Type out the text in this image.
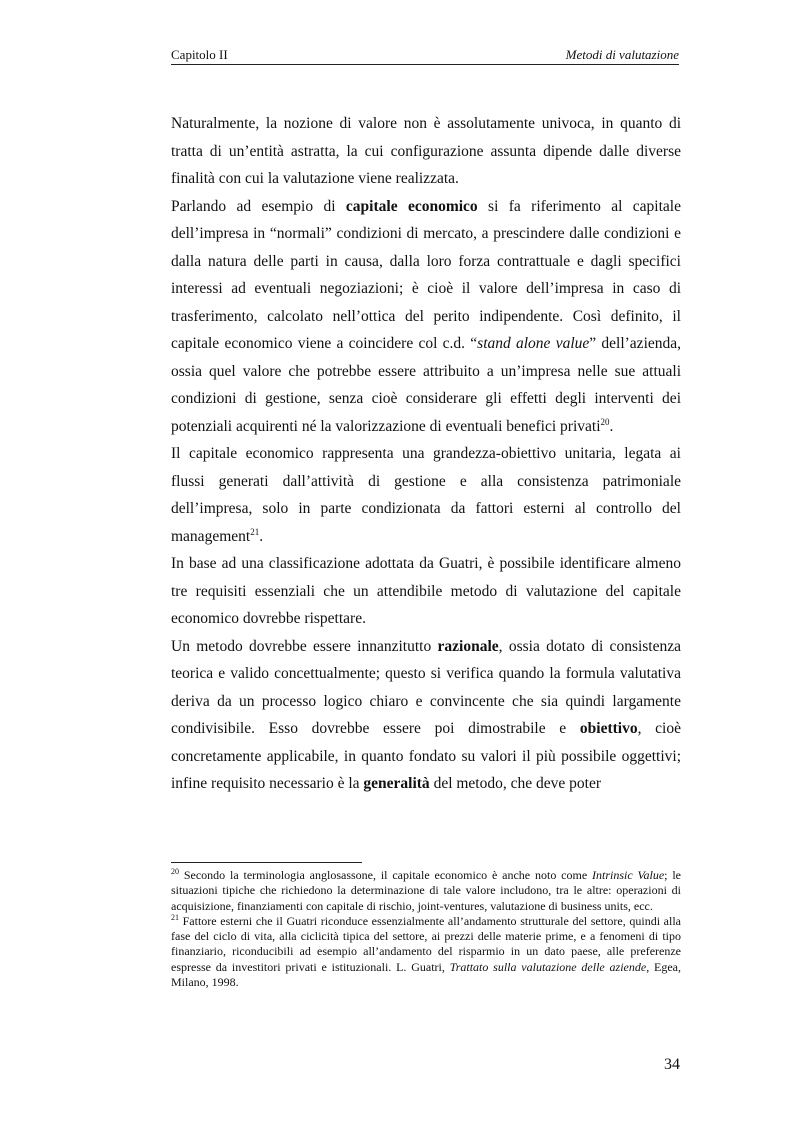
Capitolo II	Metodi di valutazione

Naturalmente, la nozione di valore non è assolutamente univoca, in quanto di tratta di un’entità astratta, la cui configurazione assunta dipende dalle diverse finalità con cui la valutazione viene realizzata.

Parlando ad esempio di capitale economico si fa riferimento al capitale dell’impresa in “normali” condizioni di mercato, a prescindere dalle condizioni e dalla natura delle parti in causa, dalla loro forza contrattuale e dagli specifici interessi ad eventuali negoziazioni; è cioè il valore dell’impresa in caso di trasferimento, calcolato nell’ottica del perito indipendente. Così definito, il capitale economico viene a coincidere col c.d. “stand alone value” dell’azienda, ossia quel valore che potrebbe essere attribuito a un’impresa nelle sue attuali condizioni di gestione, senza cioè considerare gli effetti degli interventi dei potenziali acquirenti né la valorizzazione di eventuali benefici privati$^{20}$.

Il capitale economico rappresenta una grandezza-obiettivo unitaria, legata ai flussi generati dall’attività di gestione e alla consistenza patrimoniale dell’impresa, solo in parte condizionata da fattori esterni al controllo del management$^{21}$.

In base ad una classificazione adottata da Guatri, è possibile identificare almeno tre requisiti essenziali che un attendibile metodo di valutazione del capitale economico dovrebbe rispettare.

Un metodo dovrebbe essere innanzitutto razionale, ossia dotato di consistenza teorica e valido concettualmente; questo si verifica quando la formula valutativa deriva da un processo logico chiaro e convincente che sia quindi largamente condivisibile. Esso dovrebbe essere poi dimostrabile e obiettivo, cioè concretamente applicabile, in quanto fondato su valori il più possibile oggettivi; infine requisito necessario è la generalità del metodo, che deve poter

$^{20}$ Secondo la terminologia anglosassone, il capitale economico è anche noto come Intrinsic Value; le situazioni tipiche che richiedono la determinazione di tale valore includono, tra le altre: operazioni di acquisizione, finanziamenti con capitale di rischio, joint-ventures, valutazione di business units, ecc.

$^{21}$ Fattore esterni che il Guatri riconduce essenzialmente all’andamento strutturale del settore, quindi alla fase del ciclo di vita, alla ciclicità tipica del settore, ai prezzi delle materie prime, e a fenomeni di tipo finanziario, riconducibili ad esempio all’andamento del risparmio in un dato paese, alle preferenze espresse da investitori privati e istituzionali. L. Guatri, Trattato sulla valutazione delle aziende, Egea, Milano, 1998.

34
